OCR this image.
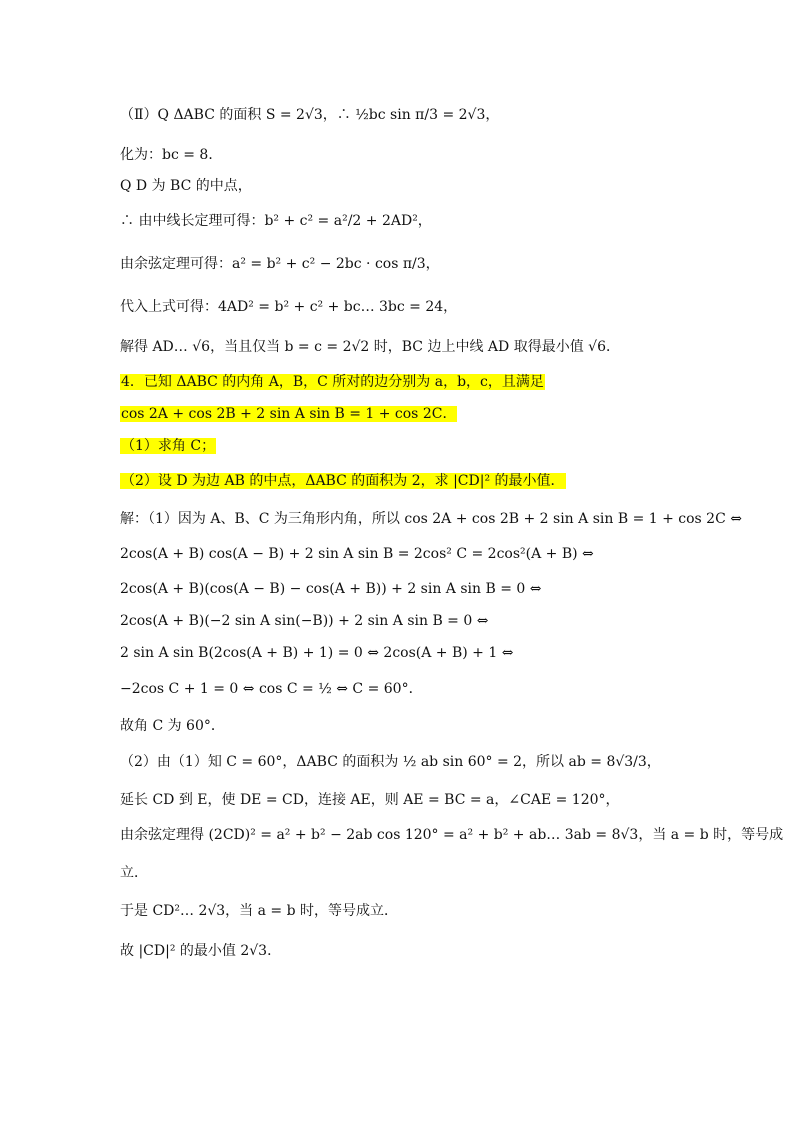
（Ⅱ）Q ΔABC 的面积 S = 2√3，∴ ½bc sin π/3 = 2√3，
化为：bc = 8．
Q D 为 BC 的中点，
∴ 由中线长定理可得：b² + c² = a²/2 + 2AD²，
由余弦定理可得：a² = b² + c² − 2bc · cos π/3，
代入上式可得：4AD² = b² + c² + bc… 3bc = 24，
解得 AD… √6，当且仅当 b = c = 2√2 时，BC 边上中线 AD 取得最小值 √6．
4．已知 ΔABC 的内角 A，B，C 所对的边分别为 a，b，c，且满足
cos 2A + cos 2B + 2 sin A sin B = 1 + cos 2C．
（1）求角 C；
（2）设 D 为边 AB 的中点，ΔABC 的面积为 2，求 |CD|² 的最小值．
解：（1）因为 A、B、C 为三角形内角，所以 cos 2A + cos 2B + 2 sin A sin B = 1 + cos 2C ⇔
2cos(A + B) cos(A − B) + 2 sin A sin B = 2cos² C = 2cos²(A + B) ⇔
2cos(A + B)(cos(A − B) − cos(A + B)) + 2 sin A sin B = 0 ⇔
2cos(A + B)(−2 sin A sin(−B)) + 2 sin A sin B = 0 ⇔
2 sin A sin B(2cos(A + B) + 1) = 0 ⇔ 2cos(A + B) + 1 ⇔
−2cos C + 1 = 0 ⇔ cos C = ½ ⇔ C = 60°．
故角 C 为 60°．
（2）由（1）知 C = 60°，ΔABC 的面积为 ½ ab sin 60° = 2，所以 ab = 8√3/3，
延长 CD 到 E，使 DE = CD，连接 AE，则 AE = BC = a，∠CAE = 120°，
由余弦定理得 (2CD)² = a² + b² − 2ab cos 120° = a² + b² + ab… 3ab = 8√3，当 a = b 时，等号成
立．
于是 CD²… 2√3，当 a = b 时，等号成立．
故 |CD|² 的最小值 2√3．
